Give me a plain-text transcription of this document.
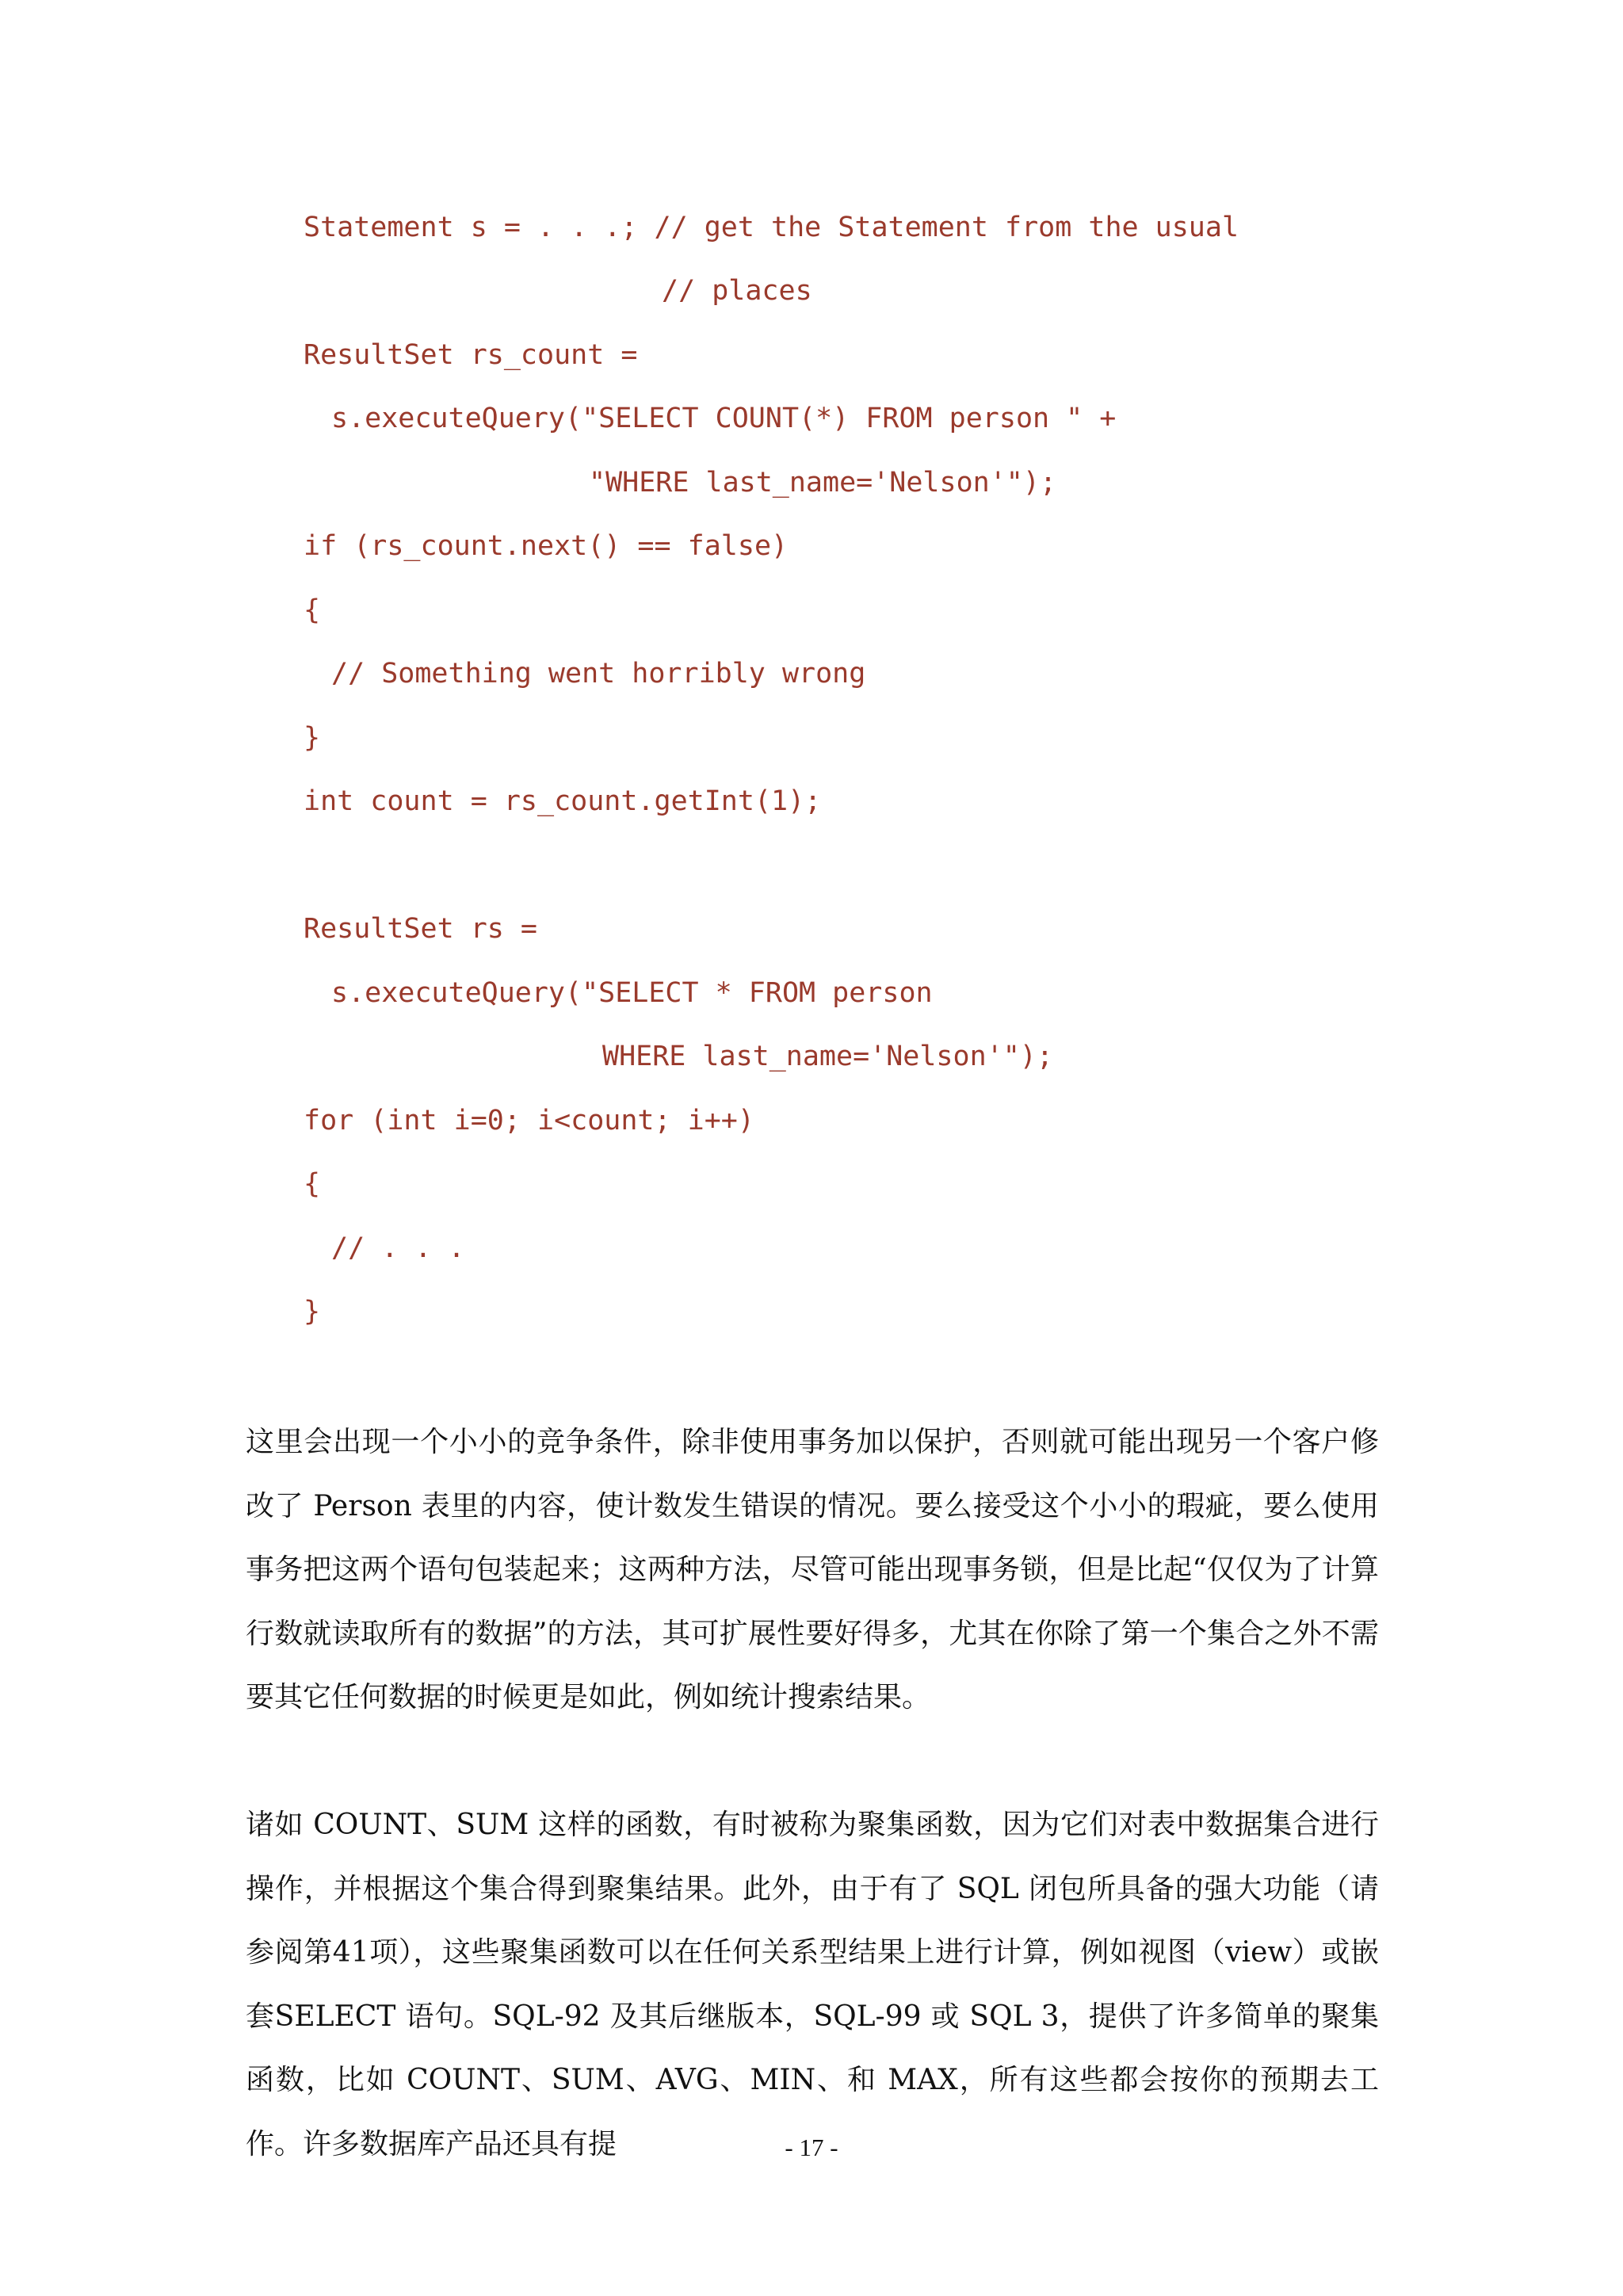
Statement s = . . .; // get the Statement from the usual
// places
ResultSet rs_count =
s.executeQuery("SELECT COUNT(*) FROM person " +
"WHERE last_name='Nelson'");
if (rs_count.next() == false)
{
// Something went horribly wrong
}
int count = rs_count.getInt(1);
ResultSet rs =
s.executeQuery("SELECT * FROM person
WHERE last_name='Nelson'");
for (int i=0; i<count; i++)
{
// . . .
}

这里会出现一个小小的竞争条件，除非使用事务加以保护，否则就可能出现另一个客户修改了 Person 表里的内容，使计数发生错误的情况。要么接受这个小小的瑕疵，要么使用事务把这两个语句包装起来；这两种方法，尽管可能出现事务锁，但是比起“仅仅为了计算行数就读取所有的数据”的方法，其可扩展性要好得多，尤其在你除了第一个集合之外不需要其它任何数据的时候更是如此，例如统计搜索结果。

诸如 COUNT、SUM 这样的函数，有时被称为聚集函数，因为它们对表中数据集合进行操作，并根据这个集合得到聚集结果。此外，由于有了 SQL 闭包所具备的强大功能（请参阅第41项），这些聚集函数可以在任何关系型结果上进行计算，例如视图（view）或嵌套SELECT 语句。SQL-92 及其后继版本，SQL-99 或 SQL 3，提供了许多简单的聚集函数，比如 COUNT、SUM、AVG、MIN、和 MAX，所有这些都会按你的预期去工作。许多数据库产品还具有提	- 17 -
